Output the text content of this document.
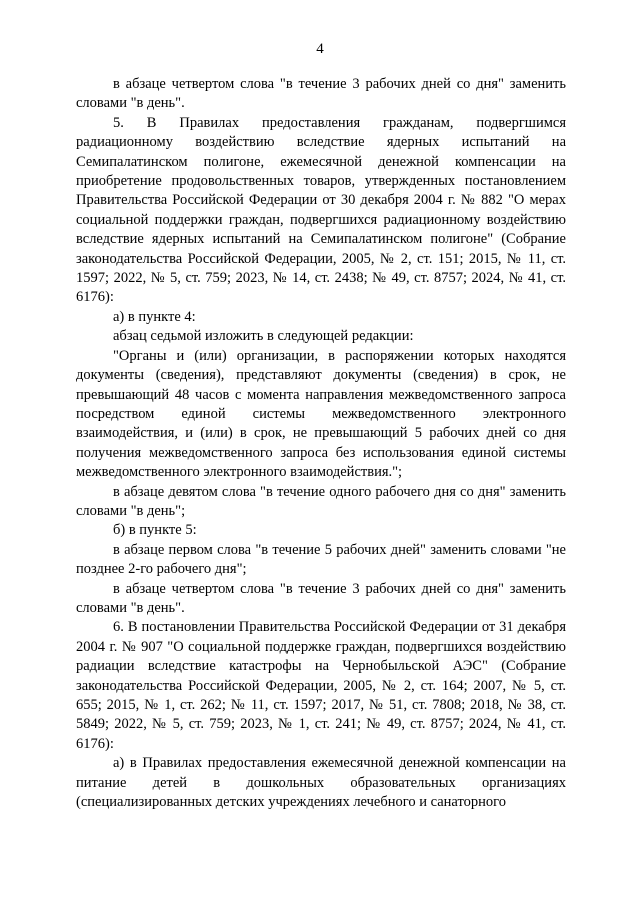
4

в абзаце четвертом слова "в течение 3 рабочих дней со дня" заменить словами "в день".

5. В Правилах предоставления гражданам, подвергшимся радиационному воздействию вследствие ядерных испытаний на Семипалатинском полигоне, ежемесячной денежной компенсации на приобретение продовольственных товаров, утвержденных постановлением Правительства Российской Федерации от 30 декабря 2004 г. № 882 "О мерах социальной поддержки граждан, подвергшихся радиационному воздействию вследствие ядерных испытаний на Семипалатинском полигоне" (Собрание законодательства Российской Федерации, 2005, № 2, ст. 151; 2015, № 11, ст. 1597; 2022, № 5, ст. 759; 2023, № 14, ст. 2438; № 49, ст. 8757; 2024, № 41, ст. 6176):

а) в пункте 4:

абзац седьмой изложить в следующей редакции:

"Органы и (или) организации, в распоряжении которых находятся документы (сведения), представляют документы (сведения) в срок, не превышающий 48 часов с момента направления межведомственного запроса посредством единой системы межведомственного электронного взаимодействия, и (или) в срок, не превышающий 5 рабочих дней со дня получения межведомственного запроса без использования единой системы межведомственного электронного взаимодействия.";

в абзаце девятом слова "в течение одного рабочего дня со дня" заменить словами "в день";

б) в пункте 5:

в абзаце первом слова "в течение 5 рабочих дней" заменить словами "не позднее 2-го рабочего дня";

в абзаце четвертом слова "в течение 3 рабочих дней со дня" заменить словами "в день".

6. В постановлении Правительства Российской Федерации от 31 декабря 2004 г. № 907 "О социальной поддержке граждан, подвергшихся воздействию радиации вследствие катастрофы на Чернобыльской АЭС" (Собрание законодательства Российской Федерации, 2005, № 2, ст. 164; 2007, № 5, ст. 655; 2015, № 1, ст. 262; № 11, ст. 1597; 2017, № 51, ст. 7808; 2018, № 38, ст. 5849; 2022, № 5, ст. 759; 2023, № 1, ст. 241; № 49, ст. 8757; 2024, № 41, ст. 6176):

а) в Правилах предоставления ежемесячной денежной компенсации на питание детей в дошкольных образовательных организациях (специализированных детских учреждениях лечебного и санаторного
